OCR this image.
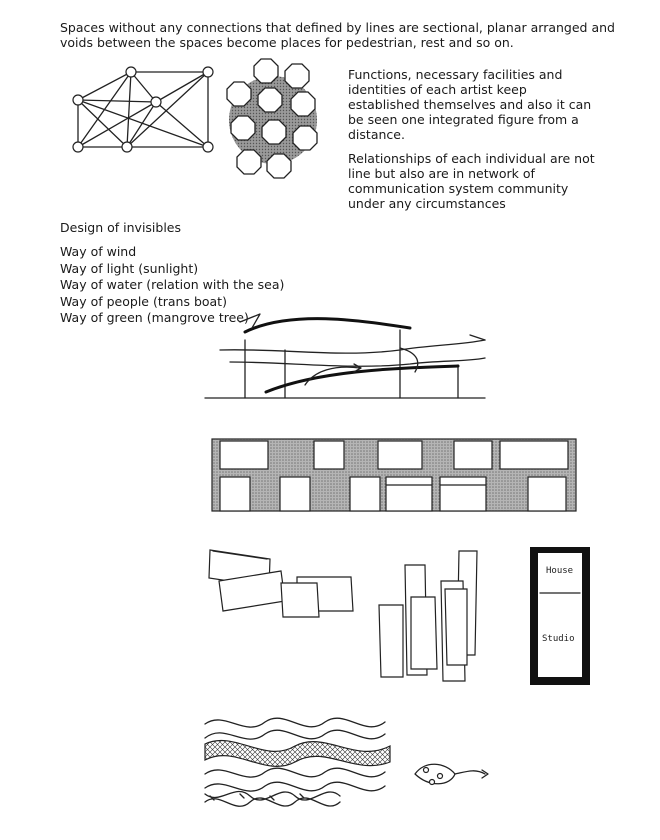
Spaces without any connections that defined by lines are sectional, planar arranged and
voids between the spaces become places for pedestrian, rest and so on.
Functions, necessary facilities and
identities of each artist keep
established themselves and also it can
be seen one integrated figure from a
distance.
Relationships of each individual are not
line but also are in network of
communication system community
under any circumstances
Design of invisibles
Way of wind
Way of light (sunlight)
Way of water (relation with the sea)
Way of people (trans boat)
Way of green (mangrove tree)
House
Studio
